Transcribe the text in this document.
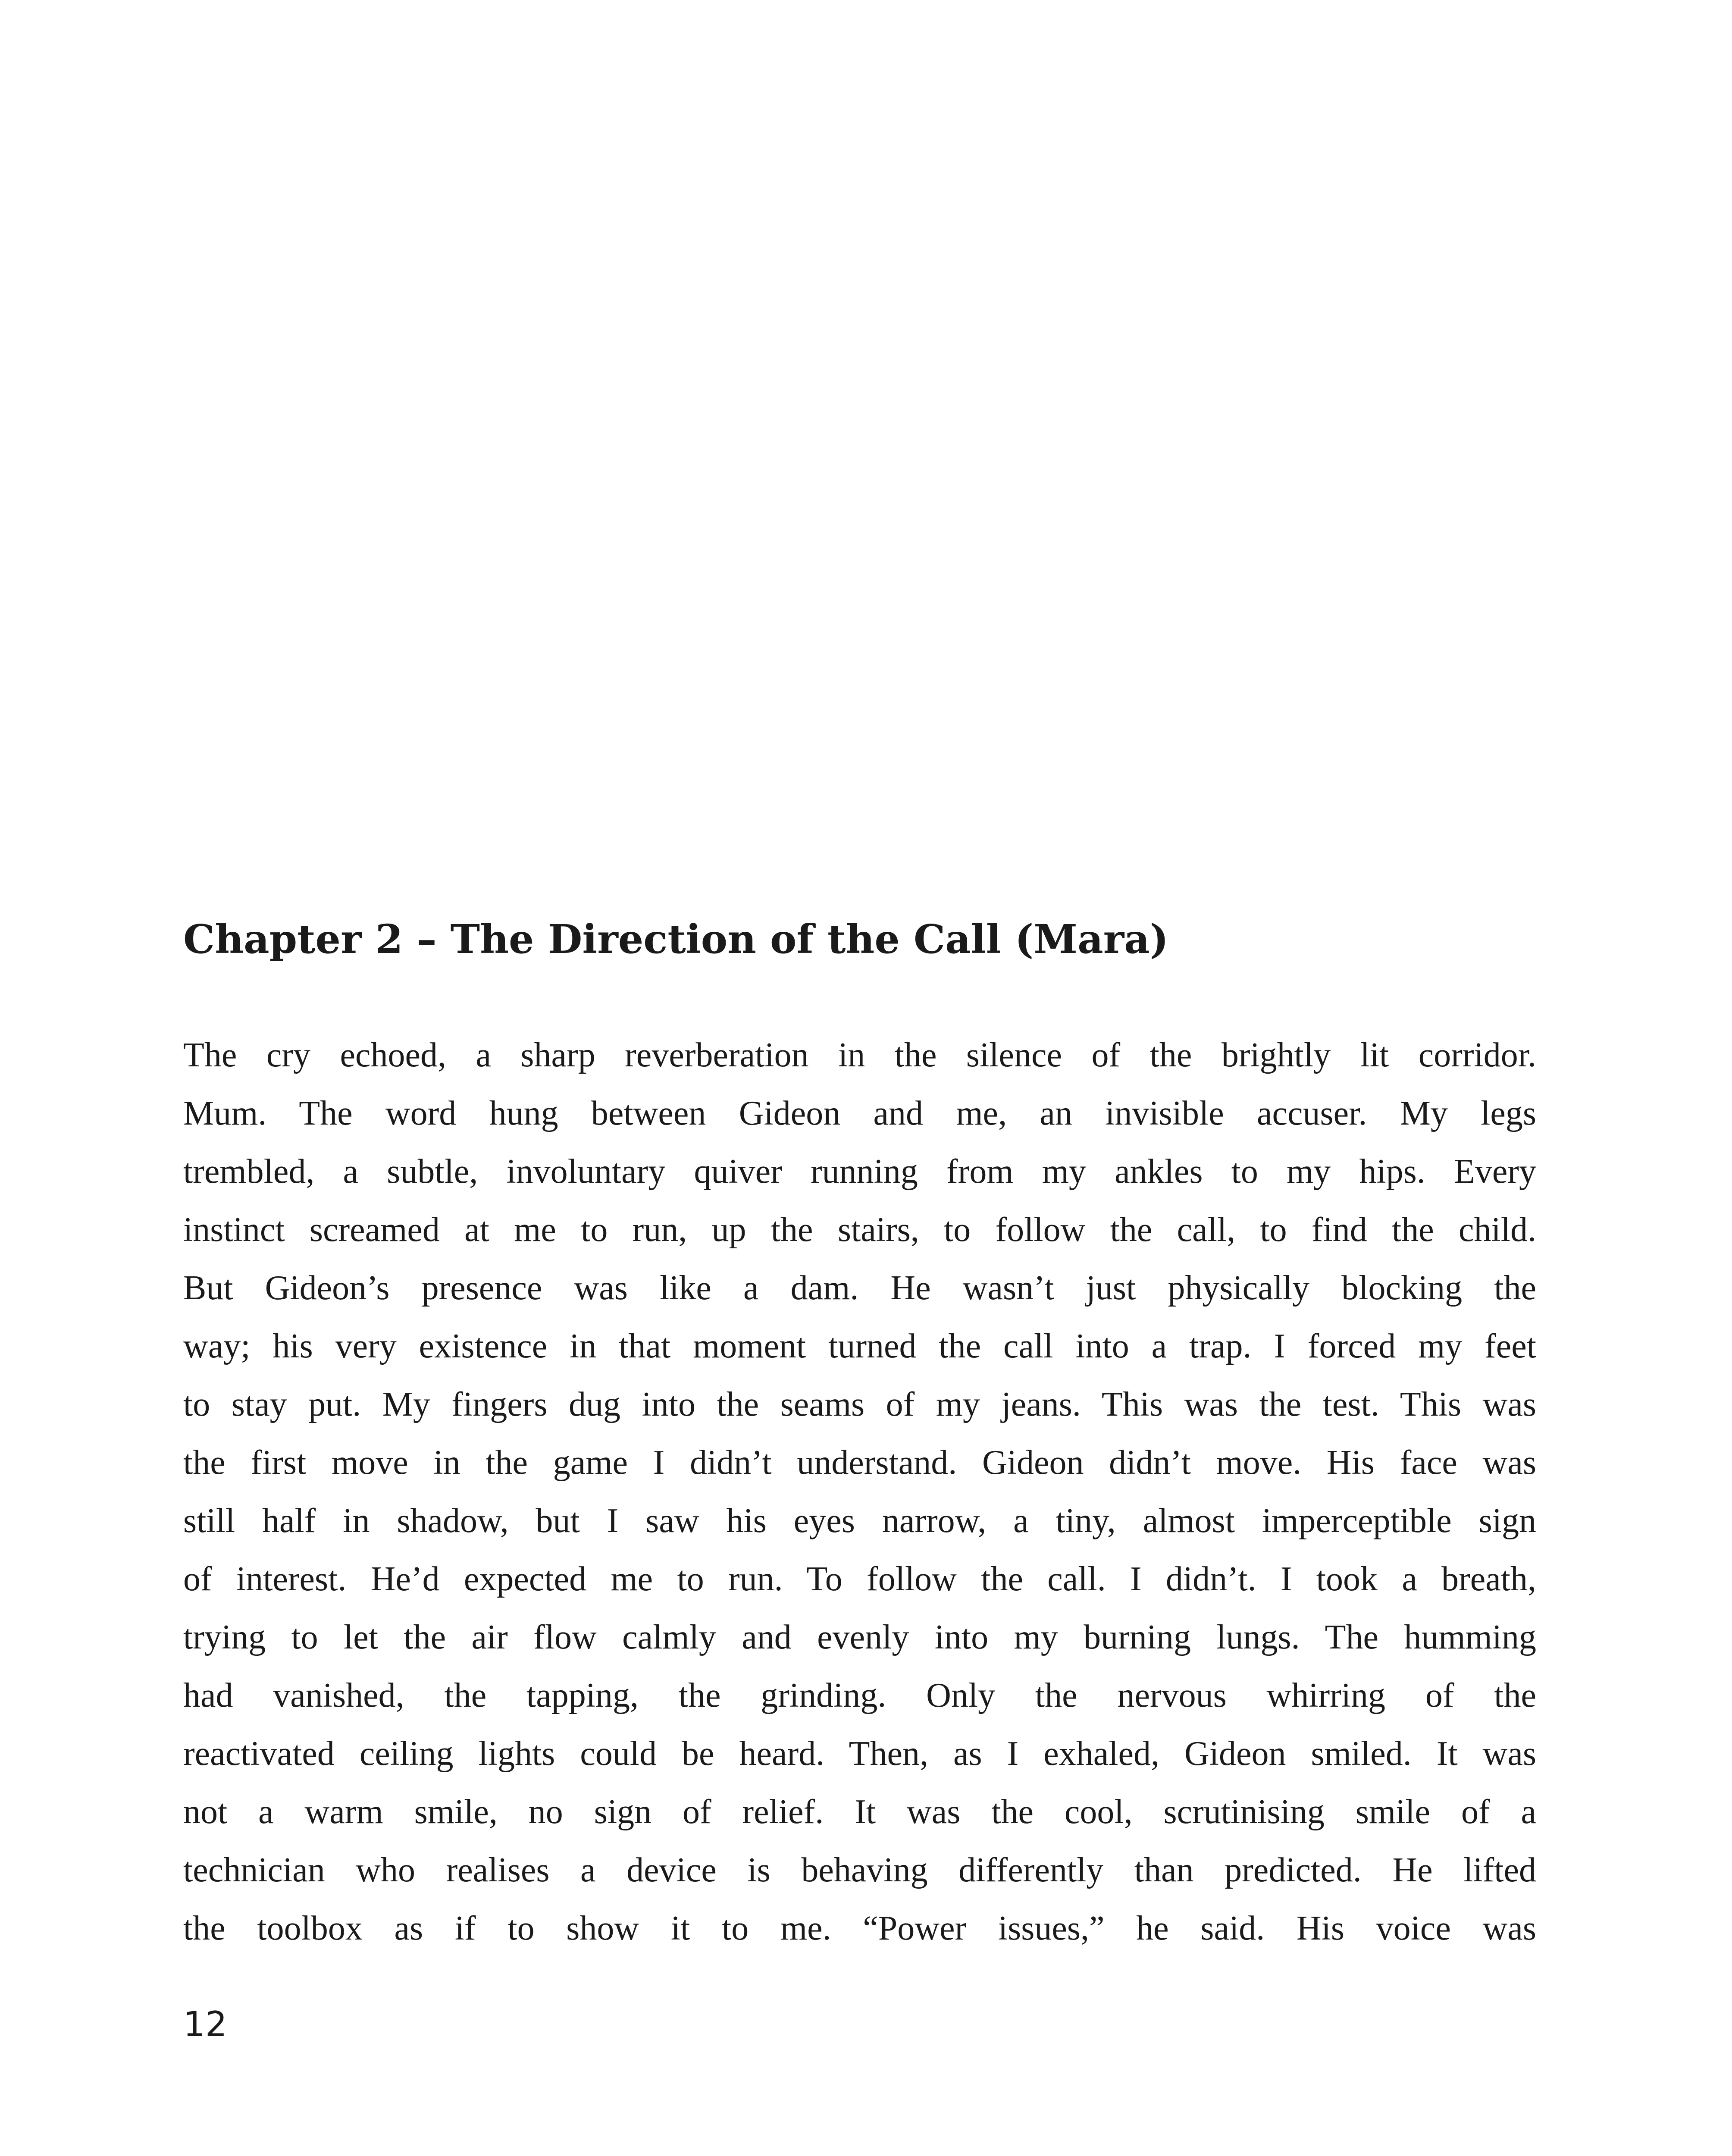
Chapter 2 – The Direction of the Call (Mara)
The cry echoed, a sharp reverberation in the silence of the brightly lit corridor.
Mum. The word hung between Gideon and me, an invisible accuser. My legs
trembled, a subtle, involuntary quiver running from my ankles to my hips. Every
instinct screamed at me to run, up the stairs, to follow the call, to find the child.
But Gideon’s presence was like a dam. He wasn’t just physically blocking the
way; his very existence in that moment turned the call into a trap. I forced my feet
to stay put. My fingers dug into the seams of my jeans. This was the test. This was
the first move in the game I didn’t understand. Gideon didn’t move. His face was
still half in shadow, but I saw his eyes narrow, a tiny, almost imperceptible sign
of interest. He’d expected me to run. To follow the call. I didn’t. I took a breath,
trying to let the air flow calmly and evenly into my burning lungs. The humming
had vanished, the tapping, the grinding. Only the nervous whirring of the
reactivated ceiling lights could be heard. Then, as I exhaled, Gideon smiled. It was
not a warm smile, no sign of relief. It was the cool, scrutinising smile of a
technician who realises a device is behaving differently than predicted. He lifted
the toolbox as if to show it to me. “Power issues,” he said. His voice was
12
